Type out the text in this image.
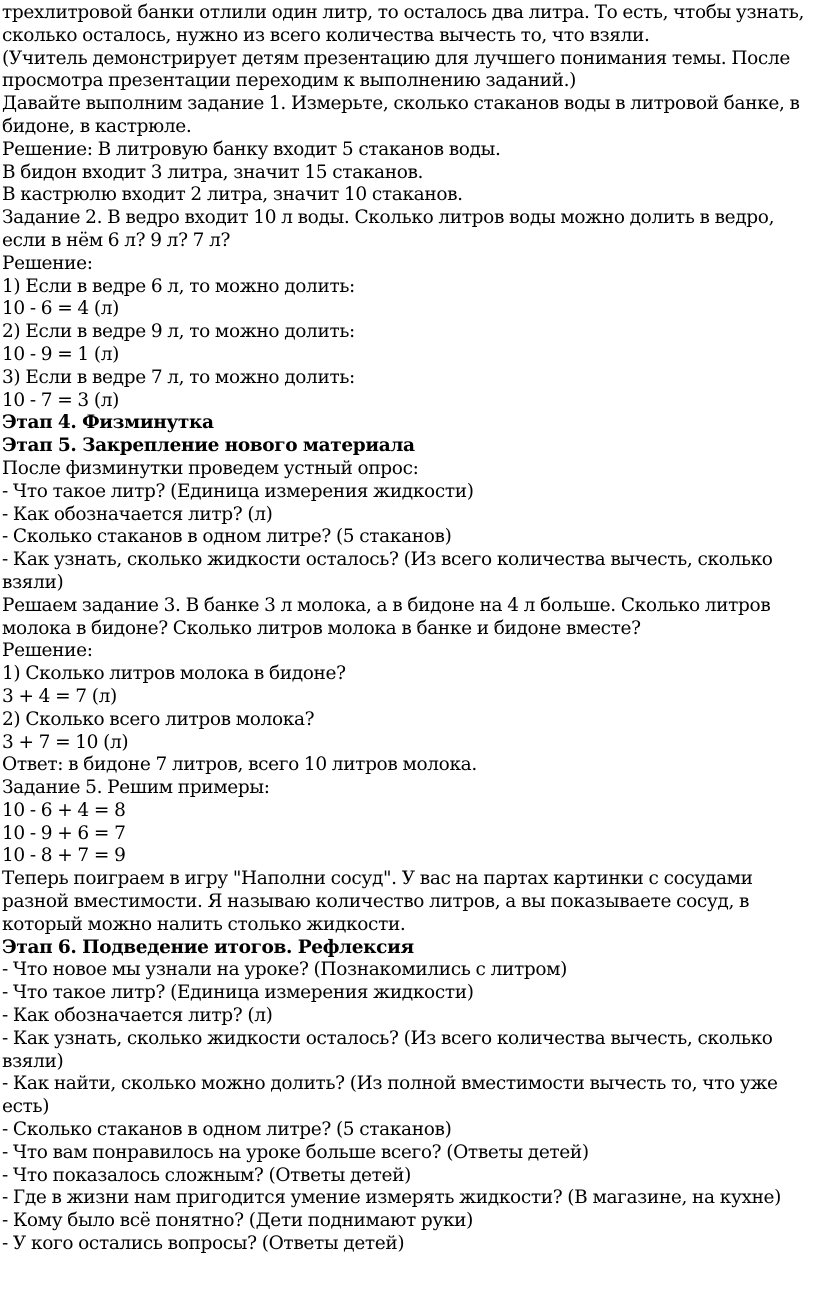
трехлитровой банки отлили один литр, то осталось два литра. То есть, чтобы узнать, сколько осталось, нужно из всего количества вычесть то, что взяли.

(Учитель демонстрирует детям презентацию для лучшего понимания темы. После просмотра презентации переходим к выполнению заданий.)

Давайте выполним задание 1. Измерьте, сколько стаканов воды в литровой банке, в бидоне, в кастрюле.

Решение: В литровую банку входит 5 стаканов воды.

В бидон входит 3 литра, значит 15 стаканов.

В кастрюлю входит 2 литра, значит 10 стаканов.

Задание 2. В ведро входит 10 л воды. Сколько литров воды можно долить в ведро, если в нём 6 л? 9 л? 7 л?

Решение:

1) Если в ведре 6 л, то можно долить:

10 - 6 = 4 (л)

2) Если в ведре 9 л, то можно долить:

10 - 9 = 1 (л)

3) Если в ведре 7 л, то можно долить:

10 - 7 = 3 (л)

Этап 4. Физминутка

Этап 5. Закрепление нового материала

После физминутки проведем устный опрос:

- Что такое литр? (Единица измерения жидкости)

- Как обозначается литр? (л)

- Сколько стаканов в одном литре? (5 стаканов)

- Как узнать, сколько жидкости осталось? (Из всего количества вычесть, сколько взяли)

Решаем задание 3. В банке 3 л молока, а в бидоне на 4 л больше. Сколько литров молока в бидоне? Сколько литров молока в банке и бидоне вместе?

Решение:

1) Сколько литров молока в бидоне?

3 + 4 = 7 (л)

2) Сколько всего литров молока?

3 + 7 = 10 (л)

Ответ: в бидоне 7 литров, всего 10 литров молока.

Задание 5. Решим примеры:

10 - 6 + 4 = 8

10 - 9 + 6 = 7

10 - 8 + 7 = 9

Теперь поиграем в игру "Наполни сосуд". У вас на партах картинки с сосудами разной вместимости. Я называю количество литров, а вы показываете сосуд, в который можно налить столько жидкости.

Этап 6. Подведение итогов. Рефлексия

- Что новое мы узнали на уроке? (Познакомились с литром)

- Что такое литр? (Единица измерения жидкости)

- Как обозначается литр? (л)

- Как узнать, сколько жидкости осталось? (Из всего количества вычесть, сколько взяли)

- Как найти, сколько можно долить? (Из полной вместимости вычесть то, что уже есть)

- Сколько стаканов в одном литре? (5 стаканов)

- Что вам понравилось на уроке больше всего? (Ответы детей)

- Что показалось сложным? (Ответы детей)

- Где в жизни нам пригодится умение измерять жидкости? (В магазине, на кухне)

- Кому было всё понятно? (Дети поднимают руки)

- У кого остались вопросы? (Ответы детей)
